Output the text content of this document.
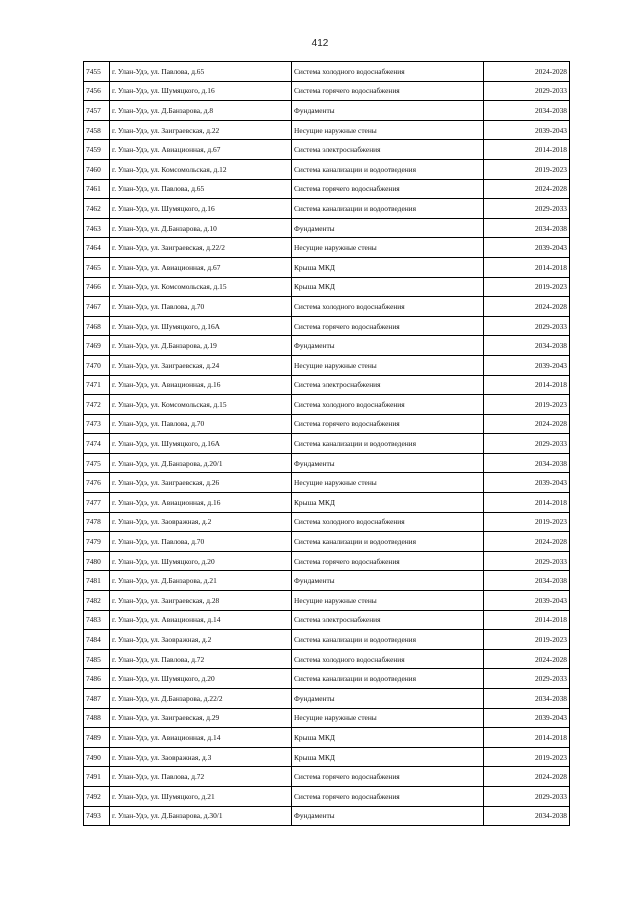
412
7455	г. Улан-Удэ, ул. Павлова, д.65	Система холодного водоснабжения	2024-2028
7456	г. Улан-Удэ, ул. Шумяцкого, д.16	Система горячего водоснабжения	2029-2033
7457	г. Улан-Удэ, ул. Д.Банзарова, д.8	Фундаменты	2034-2038
7458	г. Улан-Удэ, ул. Заиграевская, д.22	Несущие наружные стены	2039-2043
7459	г. Улан-Удэ, ул. Авиационная, д.67	Система электроснабжения	2014-2018
7460	г. Улан-Удэ, ул. Комсомольская, д.12	Система канализации и водоотведения	2019-2023
7461	г. Улан-Удэ, ул. Павлова, д.65	Система горячего водоснабжения	2024-2028
7462	г. Улан-Удэ, ул. Шумяцкого, д.16	Система канализации и водоотведения	2029-2033
7463	г. Улан-Удэ, ул. Д.Банзарова, д.10	Фундаменты	2034-2038
7464	г. Улан-Удэ, ул. Заиграевская, д.22/2	Несущие наружные стены	2039-2043
7465	г. Улан-Удэ, ул. Авиационная, д.67	Крыша МКД	2014-2018
7466	г. Улан-Удэ, ул. Комсомольская, д.15	Крыша МКД	2019-2023
7467	г. Улан-Удэ, ул. Павлова, д.70	Система холодного водоснабжения	2024-2028
7468	г. Улан-Удэ, ул. Шумяцкого, д.16А	Система горячего водоснабжения	2029-2033
7469	г. Улан-Удэ, ул. Д.Банзарова, д.19	Фундаменты	2034-2038
7470	г. Улан-Удэ, ул. Заиграевская, д.24	Несущие наружные стены	2039-2043
7471	г. Улан-Удэ, ул. Авиационная, д.16	Система электроснабжения	2014-2018
7472	г. Улан-Удэ, ул. Комсомольская, д.15	Система холодного водоснабжения	2019-2023
7473	г. Улан-Удэ, ул. Павлова, д.70	Система горячего водоснабжения	2024-2028
7474	г. Улан-Удэ, ул. Шумяцкого, д.16А	Система канализации и водоотведения	2029-2033
7475	г. Улан-Удэ, ул. Д.Банзарова, д.20/1	Фундаменты	2034-2038
7476	г. Улан-Удэ, ул. Заиграевская, д.26	Несущие наружные стены	2039-2043
7477	г. Улан-Удэ, ул. Авиационная, д.16	Крыша МКД	2014-2018
7478	г. Улан-Удэ, ул. Заовражная, д.2	Система холодного водоснабжения	2019-2023
7479	г. Улан-Удэ, ул. Павлова, д.70	Система канализации и водоотведения	2024-2028
7480	г. Улан-Удэ, ул. Шумяцкого, д.20	Система горячего водоснабжения	2029-2033
7481	г. Улан-Удэ, ул. Д.Банзарова, д.21	Фундаменты	2034-2038
7482	г. Улан-Удэ, ул. Заиграевская, д.28	Несущие наружные стены	2039-2043
7483	г. Улан-Удэ, ул. Авиационная, д.14	Система электроснабжения	2014-2018
7484	г. Улан-Удэ, ул. Заовражная, д.2	Система канализации и водоотведения	2019-2023
7485	г. Улан-Удэ, ул. Павлова, д.72	Система холодного водоснабжения	2024-2028
7486	г. Улан-Удэ, ул. Шумяцкого, д.20	Система канализации и водоотведения	2029-2033
7487	г. Улан-Удэ, ул. Д.Банзарова, д.22/2	Фундаменты	2034-2038
7488	г. Улан-Удэ, ул. Заиграевская, д.29	Несущие наружные стены	2039-2043
7489	г. Улан-Удэ, ул. Авиационная, д.14	Крыша МКД	2014-2018
7490	г. Улан-Удэ, ул. Заовражная, д.3	Крыша МКД	2019-2023
7491	г. Улан-Удэ, ул. Павлова, д.72	Система горячего водоснабжения	2024-2028
7492	г. Улан-Удэ, ул. Шумяцкого, д.21	Система горячего водоснабжения	2029-2033
7493	г. Улан-Удэ, ул. Д.Банзарова, д.30/1	Фундаменты	2034-2038
